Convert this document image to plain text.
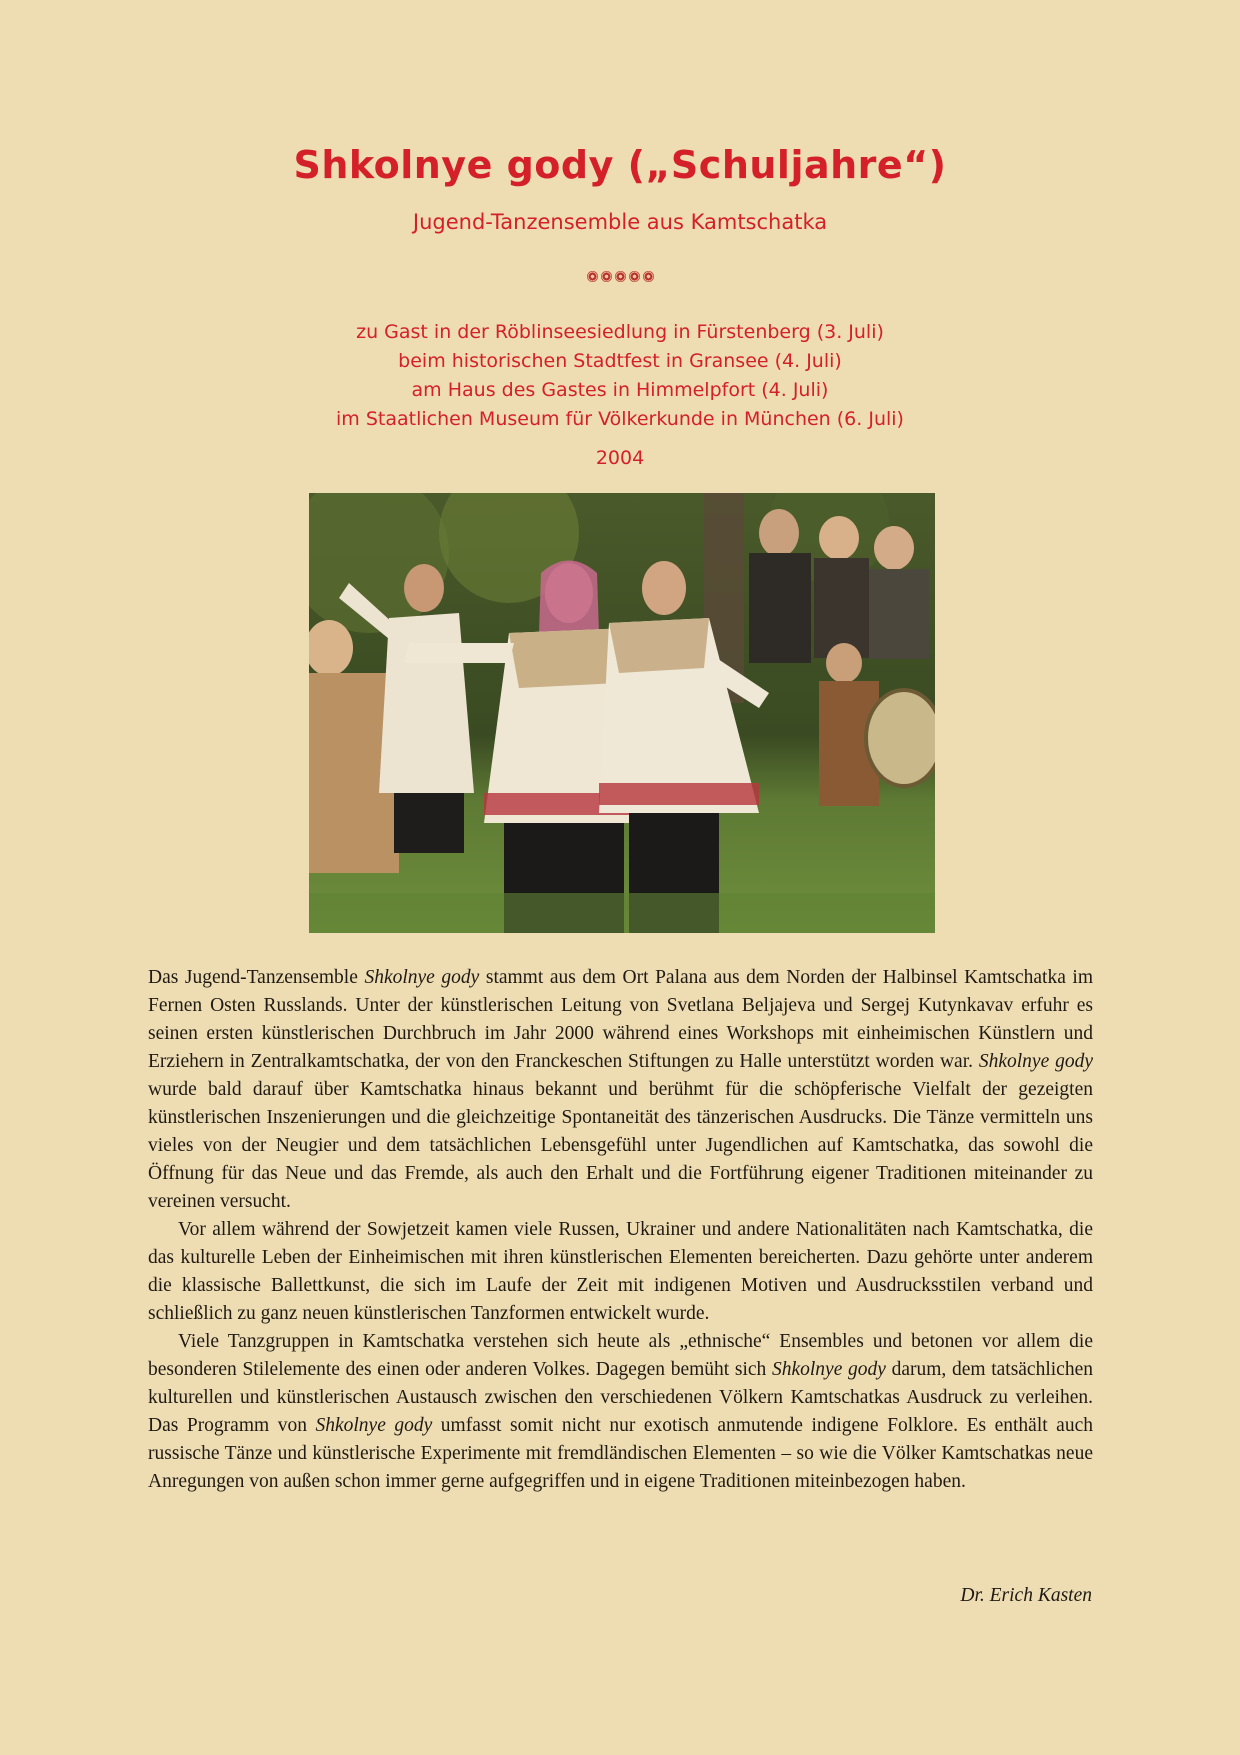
Shkolnye gody („Schuljahre“)
Jugend-Tanzensemble aus Kamtschatka
zu Gast in der Röblinseesiedlung in Fürstenberg (3. Juli)
beim historischen Stadtfest in Gransee (4. Juli)
am Haus des Gastes in Himmelpfort (4. Juli)
im Staatlichen Museum für Völkerkunde in München (6. Juli)
2004

Das Jugend-Tanzensemble Shkolnye gody stammt aus dem Ort Palana aus dem Norden der Halbinsel Kamtschatka im Fernen Osten Russlands. Unter der künstlerischen Leitung von Svetlana Beljajeva und Sergej Kutynkavav erfuhr es seinen ersten künstlerischen Durchbruch im Jahr 2000 während eines Workshops mit einheimischen Künstlern und Erziehern in Zentralkamtschatka, der von den Franckeschen Stiftungen zu Halle unterstützt worden war. Shkolnye gody wurde bald darauf über Kamtschatka hinaus bekannt und berühmt für die schöpferische Vielfalt der gezeigten künstlerischen Inszenierungen und die gleichzeitige Spontaneität des tänzerischen Ausdrucks. Die Tänze vermitteln uns vieles von der Neugier und dem tatsächlichen Lebensgefühl unter Jugendlichen auf Kamtschatka, das sowohl die Öffnung für das Neue und das Fremde, als auch den Erhalt und die Fortführung eigener Traditionen miteinander zu vereinen versucht.

Vor allem während der Sowjetzeit kamen viele Russen, Ukrainer und andere Nationalitäten nach Kamtschatka, die das kulturelle Leben der Einheimischen mit ihren künstlerischen Elementen bereicherten. Dazu gehörte unter anderem die klassische Ballettkunst, die sich im Laufe der Zeit mit indigenen Motiven und Ausdrucksstilen verband und schließlich zu ganz neuen künstlerischen Tanzformen entwickelt wurde.

Viele Tanzgruppen in Kamtschatka verstehen sich heute als „ethnische“ Ensembles und betonen vor allem die besonderen Stilelemente des einen oder anderen Volkes. Dagegen bemüht sich Shkolnye gody darum, dem tatsächlichen kulturellen und künstlerischen Austausch zwischen den verschiedenen Völkern Kamtschatkas Ausdruck zu verleihen. Das Programm von Shkolnye gody umfasst somit nicht nur exotisch anmutende indigene Folklore. Es enthält auch russische Tänze und künstlerische Experimente mit fremdländischen Elementen – so wie die Völker Kamtschatkas neue Anregungen von außen schon immer gerne aufgegriffen und in eigene Traditionen miteinbezogen haben.

Dr. Erich Kasten
